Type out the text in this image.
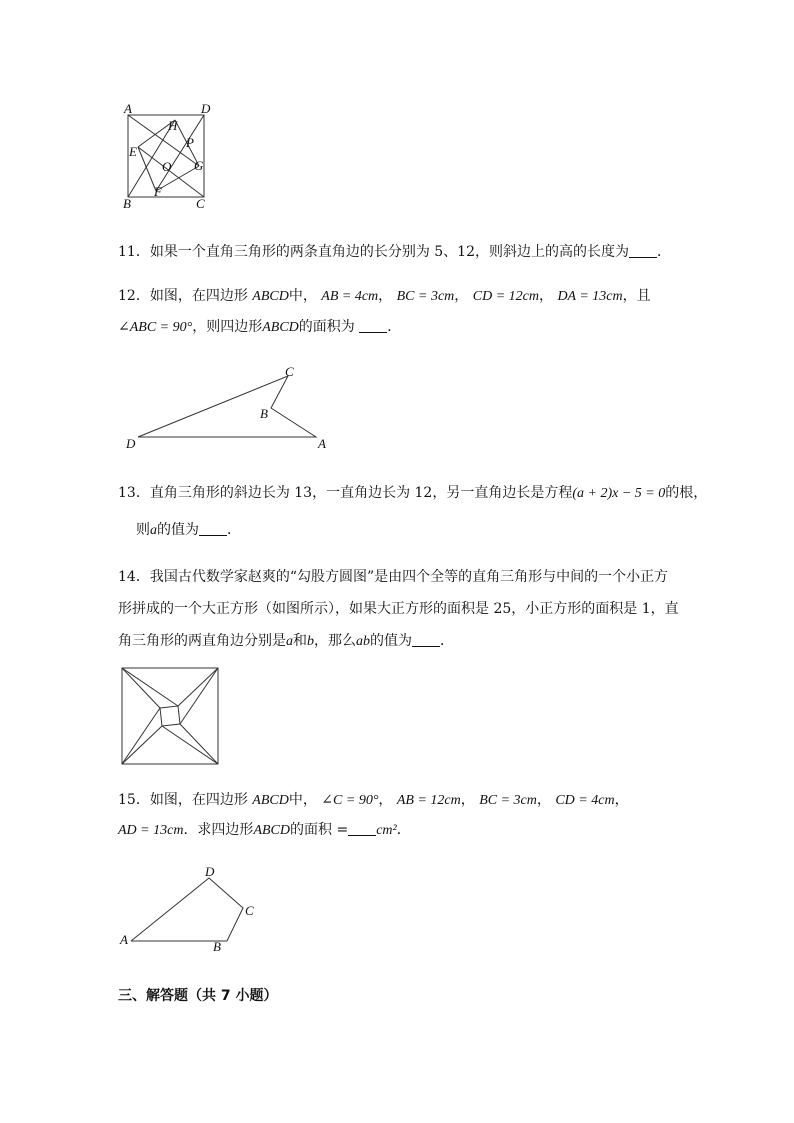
A	D
H
P
E
O G
F
B	C
11．如果一个直角三角形的两条直角边的长分别为 5、12，则斜边上的高的长度为 ．
12．如图，在四边形 ABCD中， AB = 4cm， BC = 3cm， CD = 12cm， DA = 13cm，且
∠ABC = 90°，则四边形ABCD的面积为 ．
C
B
D	A
13．直角三角形的斜边长为 13，一直角边长为 12，另一直角边长是方程(a + 2)x − 5 = 0的根，
则a的值为 ．
14．我国古代数学家赵爽的“勾股方圆图”是由四个全等的直角三角形与中间的一个小正方
形拼成的一个大正方形（如图所示），如果大正方形的面积是 25，小正方形的面积是 1，直
角三角形的两直角边分别是a和b，那么ab的值为 ．
15．如图，在四边形 ABCD中， ∠C = 90°， AB = 12cm， BC = 3cm， CD = 4cm，
AD = 13cm．求四边形ABCD的面积 = cm²．
D
C
A	B
三、解答题（共 7 小题）
